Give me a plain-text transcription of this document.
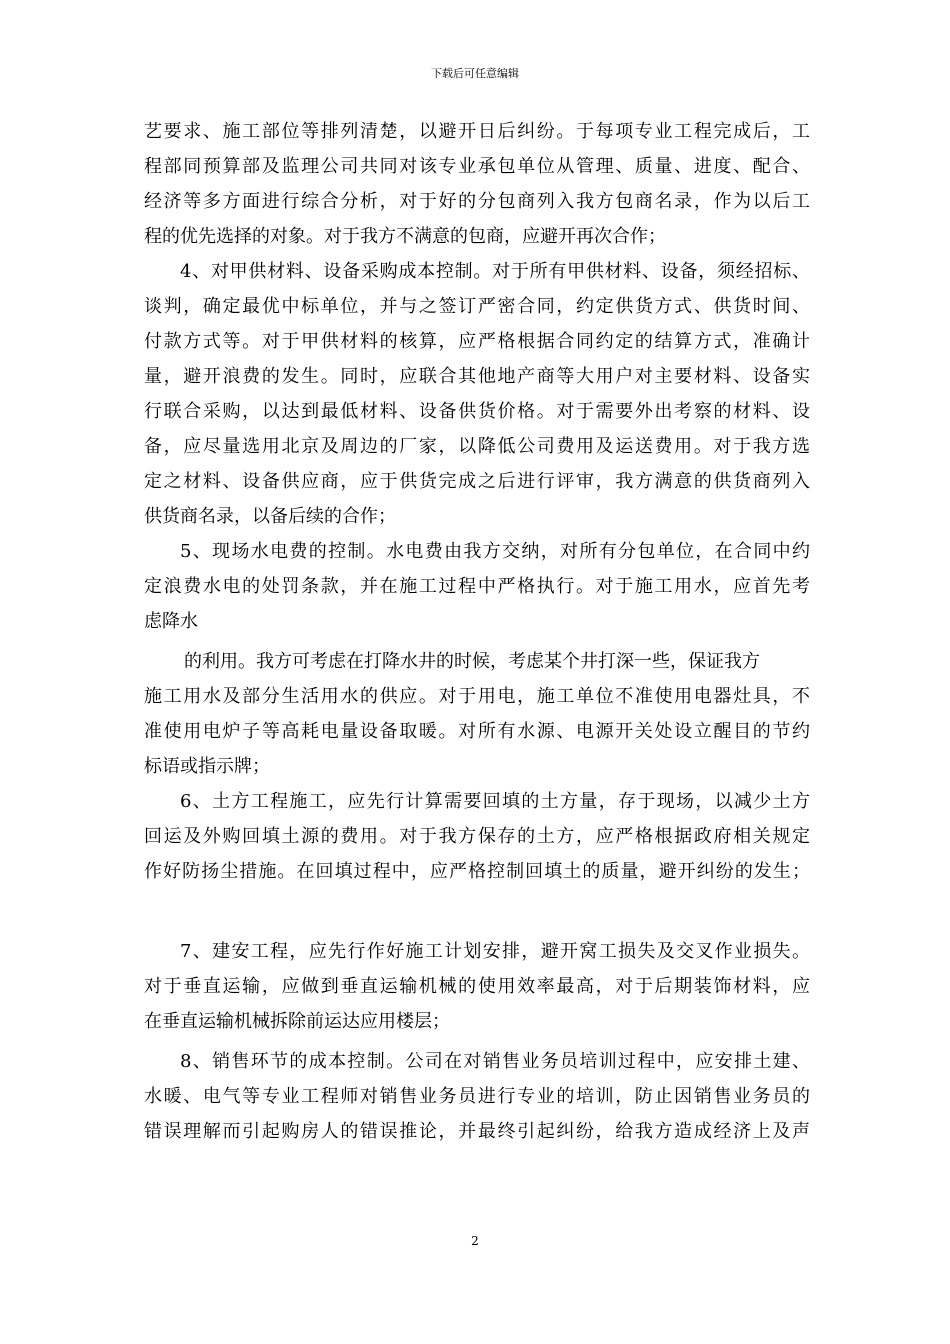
下载后可任意编辑
艺要求、施工部位等排列清楚，以避开日后纠纷。于每项专业工程完成后，工
程部同预算部及监理公司共同对该专业承包单位从管理、质量、进度、配合、
经济等多方面进行综合分析，对于好的分包商列入我方包商名录，作为以后工
程的优先选择的对象。对于我方不满意的包商，应避开再次合作；
4、对甲供材料、设备采购成本控制。对于所有甲供材料、设备，须经招标、
谈判，确定最优中标单位，并与之签订严密合同，约定供货方式、供货时间、
付款方式等。对于甲供材料的核算，应严格根据合同约定的结算方式，准确计
量，避开浪费的发生。同时，应联合其他地产商等大用户对主要材料、设备实
行联合采购，以达到最低材料、设备供货价格。对于需要外出考察的材料、设
备，应尽量选用北京及周边的厂家，以降低公司费用及运送费用。对于我方选
定之材料、设备供应商，应于供货完成之后进行评审，我方满意的供货商列入
供货商名录，以备后续的合作；
5、现场水电费的控制。水电费由我方交纳，对所有分包单位，在合同中约
定浪费水电的处罚条款，并在施工过程中严格执行。对于施工用水，应首先考
虑降水
的利用。我方可考虑在打降水井的时候，考虑某个井打深一些，保证我方
施工用水及部分生活用水的供应。对于用电，施工单位不准使用电器灶具，不
准使用电炉子等高耗电量设备取暖。对所有水源、电源开关处设立醒目的节约
标语或指示牌；
6、土方工程施工，应先行计算需要回填的土方量，存于现场，以减少土方
回运及外购回填土源的费用。对于我方保存的土方，应严格根据政府相关规定
作好防扬尘措施。在回填过程中，应严格控制回填土的质量，避开纠纷的发生；
7、建安工程，应先行作好施工计划安排，避开窝工损失及交叉作业损失。
对于垂直运输，应做到垂直运输机械的使用效率最高，对于后期装饰材料，应
在垂直运输机械拆除前运达应用楼层；
8、销售环节的成本控制。公司在对销售业务员培训过程中，应安排土建、
水暖、电气等专业工程师对销售业务员进行专业的培训，防止因销售业务员的
错误理解而引起购房人的错误推论，并最终引起纠纷，给我方造成经济上及声
2
